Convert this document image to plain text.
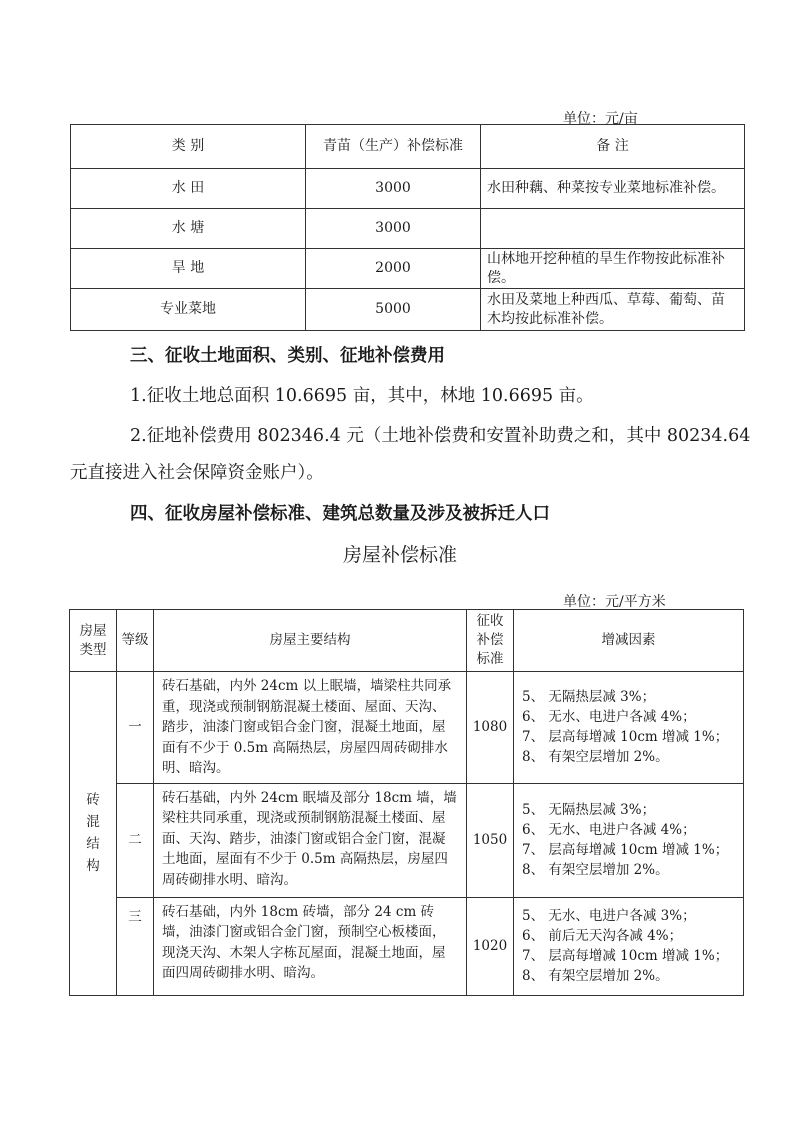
单位：元/亩
类 别	青苗（生产）补偿标准	备 注
水 田	3000	水田种藕、种菜按专业菜地标准补偿。
水 塘	3000	
旱 地	2000	山林地开挖种植的旱生作物按此标准补偿。
专业菜地	5000	水田及菜地上种西瓜、草莓、葡萄、苗木均按此标准补偿。
三、征收土地面积、类别、征地补偿费用
1.征收土地总面积 10.6695 亩，其中，林地 10.6695 亩。
2.征地补偿费用 802346.4 元（土地补偿费和安置补助费之和，其中 80234.64 元直接进入社会保障资金账户）。
四、征收房屋补偿标准、建筑总数量及涉及被拆迁人口
房屋补偿标准
单位：元/平方米
房屋类型	等级	房屋主要结构	征收补偿标准	增减因素
砖混结构	一	砖石基础，内外 24cm 以上眠墙，墙梁柱共同承重，现浇或预制钢筋混凝土楼面、屋面、天沟、踏步，油漆门窗或铝合金门窗，混凝土地面，屋面有不少于 0.5m 高隔热层，房屋四周砖砌排水明、暗沟。	1080	5、 无隔热层减 3%；
6、 无水、电进户各减 4%；
7、 层高每增减 10cm 增减 1%；
8、 有架空层增加 2%。

	二	砖石基础，内外 24cm 眠墙及部分 18cm 墙，墙梁柱共同承重，现浇或预制钢筋混凝土楼面、屋面、天沟、踏步，油漆门窗或铝合金门窗，混凝土地面，屋面有不少于 0.5m 高隔热层，房屋四周砖砌排水明、暗沟。	1050	5、 无隔热层减 3%；
6、 无水、电进户各减 4%；
7、 层高每增减 10cm 增减 1%；
8、 有架空层增加 2%。

	三	砖石基础，内外 18cm 砖墙，部分 24 cm 砖墙，油漆门窗或铝合金门窗，预制空心板楼面，现浇天沟、木架人字栋瓦屋面，混凝土地面，屋面四周砖砌排水明、暗沟。	1020	5、 无水、电进户各减 3%；
6、 前后无天沟各减 4%；
7、 层高每增减 10cm 增减 1%；
8、 有架空层增加 2%。
